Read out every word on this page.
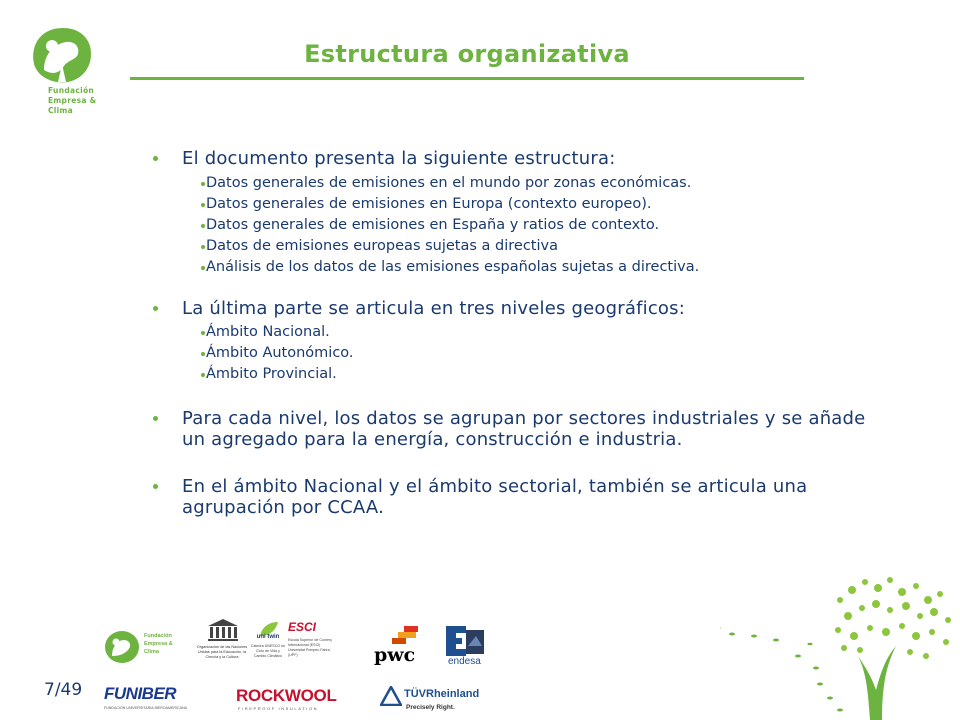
Fundación
Empresa &
Clima
Estructura organizativa
El documento presenta la siguiente estructura:
Datos generales de emisiones en el mundo por zonas económicas.
Datos generales de emisiones en Europa (contexto europeo).
Datos generales de emisiones en España y ratios de contexto.
Datos de emisiones europeas sujetas a directiva
Análisis de los datos de las emisiones españolas sujetas a directiva.
La última parte se articula en tres niveles geográficos:
Ámbito Nacional.
Ámbito Autonómico.
Ámbito Provincial.
Para cada nivel, los datos se agrupan por sectores industriales y se añade un agregado para la energía, construcción e industria.
En el ámbito Nacional y el ámbito sectorial, también se articula una agrupación por CCAA.
7/49
Fundación
Empresa &
Clima
Organización de las Naciones Unidas para la Educación, la Ciencia y la Cultura
uni twin
Cátedra UNESCO en Ciclo de Vida y Cambio Climático
ESCI
Escola Superior de Comerç Internacional (ESCI) Universitat Pompeu Fabra (UPF)	pwc	endesa
FUNIBER
FUNDACIÓN UNIVERSITARIA IBEROAMERICANA
ROCKWOOL
FIREPROOF INSULATION
TÜVRheinland
Precisely Right.
